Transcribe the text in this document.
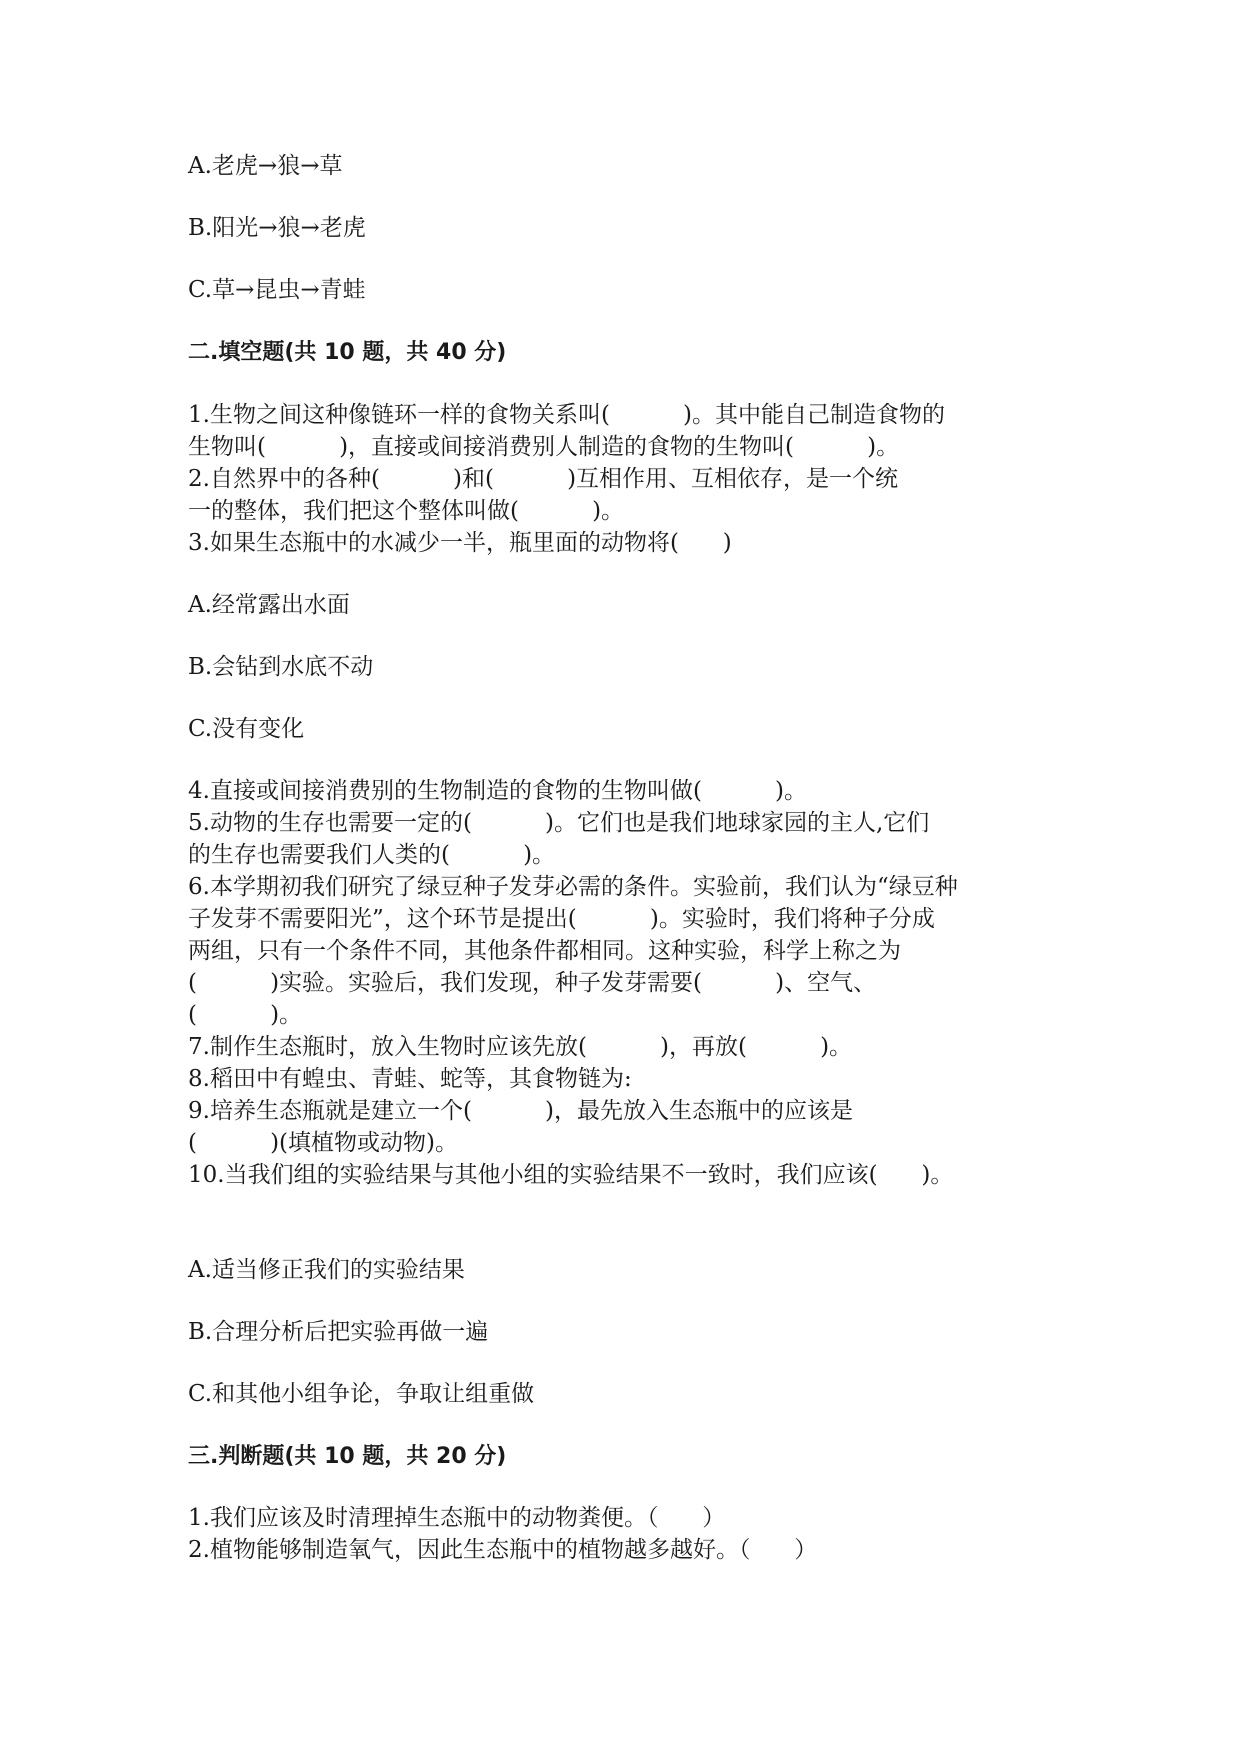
A.老虎→狼→草
B.阳光→狼→老虎
C.草→昆虫→青蛙
二.填空题(共 10 题，共 40 分)
1.生物之间这种像链环一样的食物关系叫(          )。其中能自己制造食物的
生物叫(          )，直接或间接消费别人制造的食物的生物叫(          )。
2.自然界中的各种(          )和(          )互相作用、互相依存，是一个统
一的整体，我们把这个整体叫做(          )。
3.如果生态瓶中的水减少一半，瓶里面的动物将(      )
A.经常露出水面
B.会钻到水底不动
C.没有变化
4.直接或间接消费别的生物制造的食物的生物叫做(          )。
5.动物的生存也需要一定的(          )。它们也是我们地球家园的主人,它们
的生存也需要我们人类的(          )。
6.本学期初我们研究了绿豆种子发芽必需的条件。实验前，我们认为“绿豆种
子发芽不需要阳光”，这个环节是提出(          )。实验时，我们将种子分成
两组，只有一个条件不同，其他条件都相同。这种实验，科学上称之为
(          )实验。实验后，我们发现，种子发芽需要(          )、空气、
(          )。
7.制作生态瓶时，放入生物时应该先放(          )，再放(          )。
8.稻田中有蝗虫、青蛙、蛇等，其食物链为:
9.培养生态瓶就是建立一个(          )，最先放入生态瓶中的应该是
(          )(填植物或动物)。
10.当我们组的实验结果与其他小组的实验结果不一致时，我们应该(      )。
A.适当修正我们的实验结果
B.合理分析后把实验再做一遍
C.和其他小组争论，争取让组重做
三.判断题(共 10 题，共 20 分)
1.我们应该及时清理掉生态瓶中的动物粪便。（      ）
2.植物能够制造氧气，因此生态瓶中的植物越多越好。（      ）
